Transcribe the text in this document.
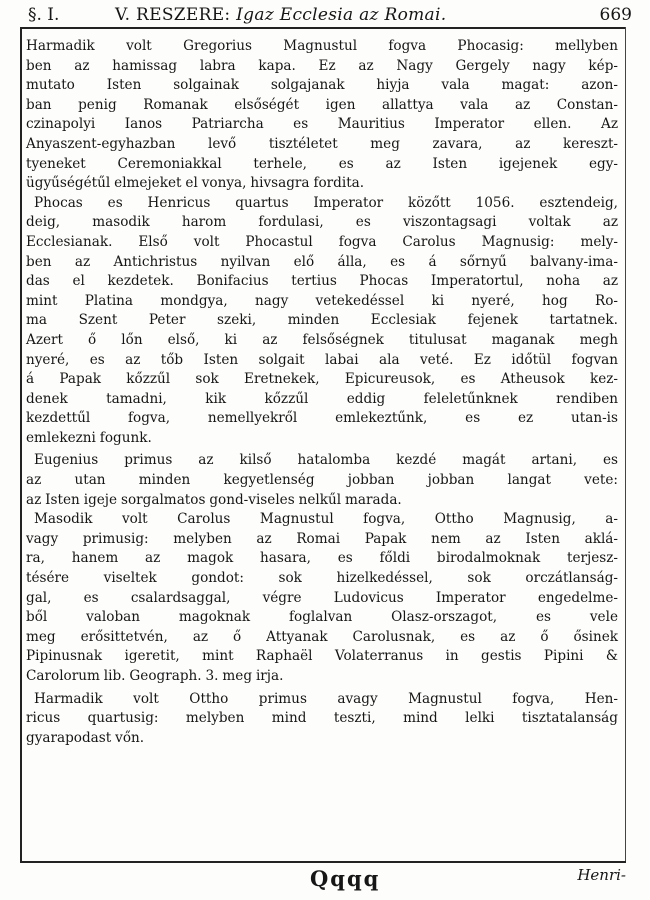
§. I.	V. RESZERE: Igaz Ecclesia az Romai.	669
Harmadik volt Gregorius Magnustul fogva Phocasig: mellyben
ben az hamissag labra kapa. Ez az Nagy Gergely nagy kép-
mutato Isten solgainak solgajanak hiyja vala magat: azon-
ban penig Romanak elsőségét igen allattya vala az Constan-
czinapolyi Ianos Patriarcha es Mauritius Imperator ellen. Az
Anyaszent-egyhazban levő tisztéletet meg zavara, az kereszt-
tyeneket Ceremoniakkal terhele, es az Isten igejenek egy-
ügyűségétűl elmejeket el vonya, hivsagra fordita.
Phocas es Henricus quartus Imperator közőtt 1056. esztendeig,
deig, masodik harom fordulasi, es viszontagsagi voltak az
Ecclesianak. Első volt Phocastul fogva Carolus Magnusig: mely-
ben az Antichristus nyilvan elő álla, es á sőrnyű balvany-ima-
das el kezdetek. Bonifacius tertius Phocas Imperatortul, noha az
mint Platina mondgya, nagy vetekedéssel ki nyeré, hog Ro-
ma Szent Peter szeki, minden Ecclesiak fejenek tartatnek.
Azert ő lőn első, ki az felsőségnek titulusat maganak megh
nyeré, es az tőb Isten solgait labai ala veté. Ez időtül fogvan
á Papak kőzzűl sok Eretnekek, Epicureusok, es Atheusok kez-
denek tamadni, kik kőzzűl eddig feleletűnknek rendiben
kezdettűl fogva, nemellyekről emlekeztűnk, es ez utan-is
emlekezni fogunk.
Eugenius primus az kilső hatalomba kezdé magát artani, es
az utan minden kegyetlenség jobban jobban langat vete:
az Isten igeje sorgalmatos gond-viseles nelkűl marada.
Masodik volt Carolus Magnustul fogva, Ottho Magnusig, a-
vagy primusig: melyben az Romai Papak nem az Isten aklá-
ra, hanem az magok hasara, es főldi birodalmoknak terjesz-
tésére viseltek gondot: sok hizelkedéssel, sok orczátlanság-
gal, es csalardsaggal, végre Ludovicus Imperator engedelme-
ből valoban magoknak foglalvan Olasz-orszagot, es vele
meg erősittetvén, az ő Attyanak Carolusnak, es az ő ősinek
Pipinusnak igeretit, mint Raphaël Volaterranus in gestis Pipini &
Carolorum lib. Geograph. 3. meg irja.
Harmadik volt Ottho primus avagy Magnustul fogva, Hen-
ricus quartusig: melyben mind teszti, mind lelki tisztatalanság
gyarapodast vőn.
Qqqq	Henri-
